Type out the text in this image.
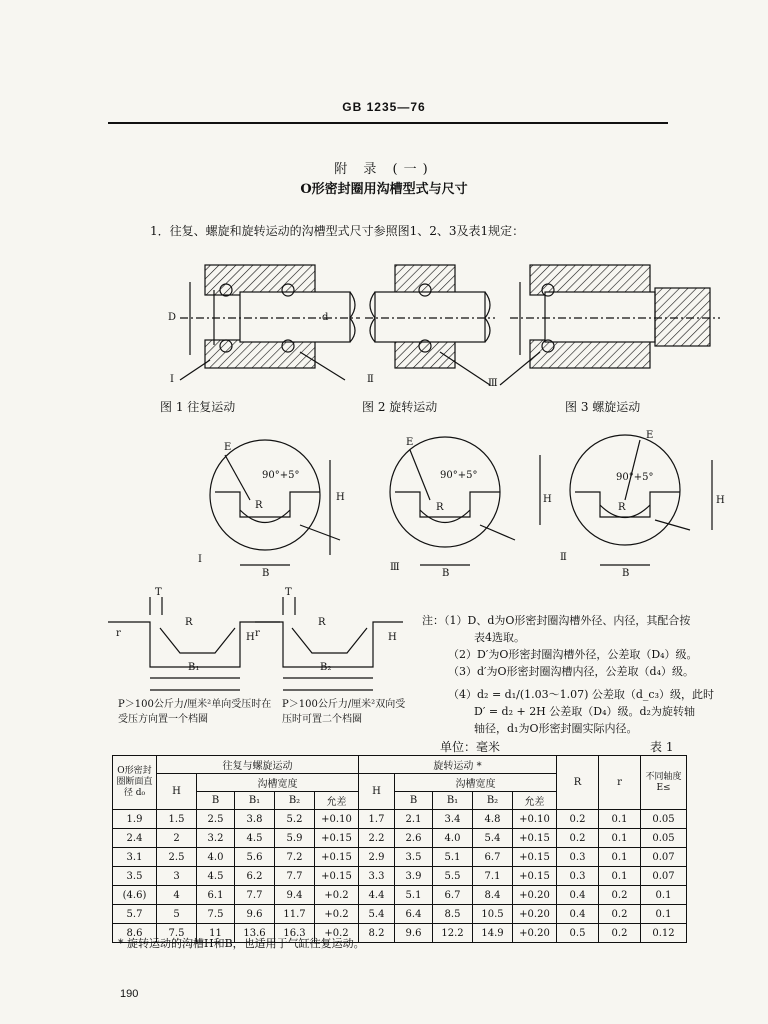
GB 1235—76
附 录 (一)
O形密封圈用沟槽型式与尺寸
1．往复、螺旋和旋转运动的沟槽型式尺寸参照图1、2、3及表1规定：
图 1 往复运动	图 2 旋转运动	图 3 螺旋运动
Ⅰ	Ⅱ	Ⅲ
Ⅰ
Ⅲ
Ⅱ
90°+5°	90°+5°	90°+5°
E	E
E
R	R	R
B	B	B
H	H	H
D	d
T	T
R	R
B₁	B₂
r	r
H	H
P＞100公斤力/厘米²单向受压时在受压方向置一个档圈
P＞100公斤力/厘米²双向受压时可置二个档圈
注：（1）D、d为O形密封圈沟槽外径、内径，其配合按
表4选取。
（2）D′为O形密封圈沟槽外径，公差取（D₄）级。
（3）d′为O形密封圈沟槽内径，公差取（d₄）级。
（4）d₂ = d₁/(1.03～1.07) 公差取（d_c₃）级，此时
D′ = d₂ + 2H 公差取（D₄）级。d₂为旋转轴
轴径，d₁为O形密封圈实际内径。
单位：毫米	表 1
O形密封圈断面直径 d₀	往复与螺旋运动					旋转运动 *					R	r	不同轴度 E≤
	H	沟槽宽度				H	沟槽宽度						
		B	B₁	B₂	允差		B	B₁	B₂	允差			
1.9	1.5	2.5	3.8	5.2	+0.10	1.7	2.1	3.4	4.8	+0.10	0.2	0.1	0.05
2.4	2	3.2	4.5	5.9	+0.15	2.2	2.6	4.0	5.4	+0.15	0.2	0.1	0.05
3.1	2.5	4.0	5.6	7.2	+0.15	2.9	3.5	5.1	6.7	+0.15	0.3	0.1	0.07
3.5	3	4.5	6.2	7.7	+0.15	3.3	3.9	5.5	7.1	+0.15	0.3	0.1	0.07
(4.6)	4	6.1	7.7	9.4	+0.2	4.4	5.1	6.7	8.4	+0.20	0.4	0.2	0.1
5.7	5	7.5	9.6	11.7	+0.2	5.4	6.4	8.5	10.5	+0.20	0.4	0.2	0.1
8.6	7.5	11	13.6	16.3	+0.2	8.2	9.6	12.2	14.9	+0.20	0.5	0.2	0.12
* 旋转运动的沟槽H和B，也适用于气缸往复运动。
190
